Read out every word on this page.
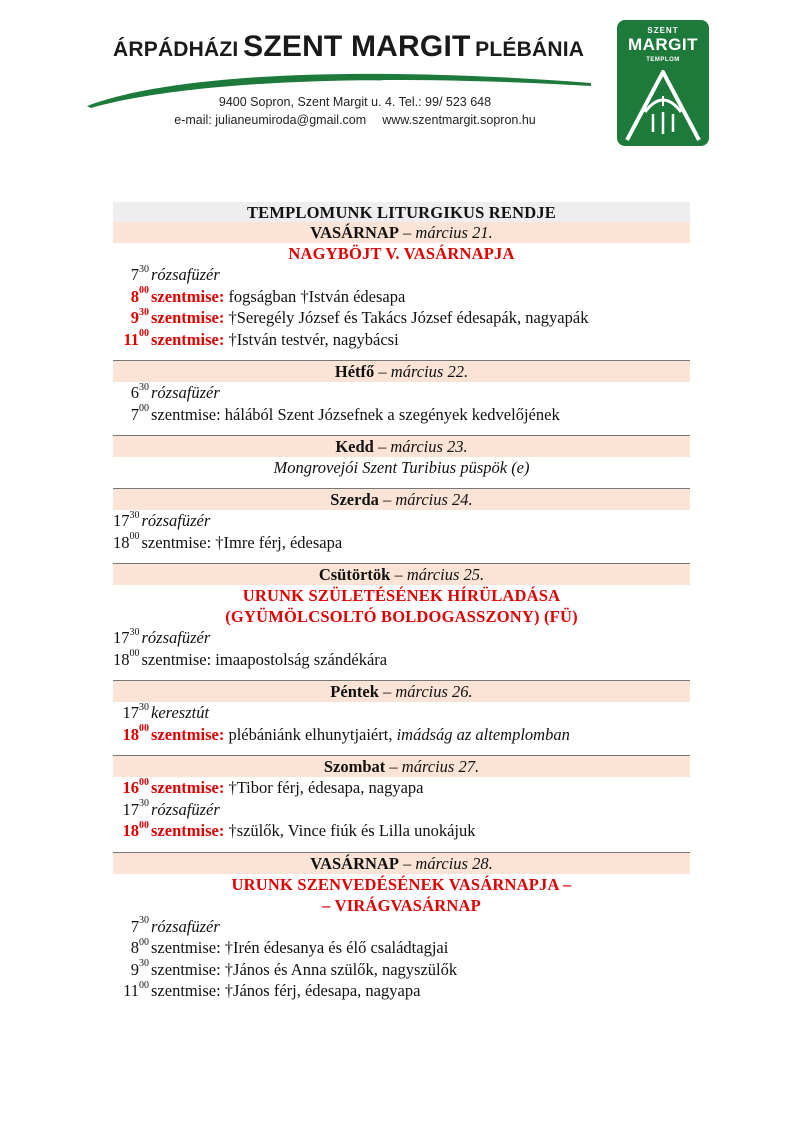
ÁRPÁDHÁZI SZENT MARGIT PLÉBÁNIA
9400 Sopron, Szent Margit u. 4. Tel.: 99/ 523 648
e-mail: julianeumiroda@gmail.com www.szentmargit.sopron.hu
SZENT
MARGIT
TEMPLOM
TEMPLOMUNK LITURGIKUS RENDJE
VASÁRNAP – március 21.
NAGYBÖJT V. VASÁRNAPJA
$7^{30}$ rózsafüzér
$8^{00}$ szentmise: fogságban †István édesapa
$9^{30}$ szentmise: †Seregély József és Takács József édesapák, nagyapák
$11^{00}$ szentmise: †István testvér, nagybácsi
Hétfő – március 22.
$6^{30}$ rózsafüzér
$7^{00}$ szentmise: hálából Szent Józsefnek a szegények kedvelőjének
Kedd – március 23.
Mongrovejói Szent Turibius püspök (e)
Szerda – március 24.
$17^{30}$ rózsafüzér
$18^{00}$ szentmise: †Imre férj, édesapa
Csütörtök – március 25.
URUNK SZÜLETÉSÉNEK HÍRÜLADÁSA
(GYÜMÖLCSOLTÓ BOLDOGASSZONY) (FÜ)
$17^{30}$ rózsafüzér
$18^{00}$ szentmise: imaapostolság szándékára
Péntek – március 26.
$17^{30}$ keresztút
$18^{00}$ szentmise: plébániánk elhunytjaiért, imádság az altemplomban
Szombat – március 27.
$16^{00}$ szentmise: †Tibor férj, édesapa, nagyapa
$17^{30}$ rózsafüzér
$18^{00}$ szentmise: †szülők, Vince fiúk és Lilla unokájuk
VASÁRNAP – március 28.
URUNK SZENVEDÉSÉNEK VASÁRNAPJA –
– VIRÁGVASÁRNAP
$7^{30}$ rózsafüzér
$8^{00}$ szentmise: †Irén édesanya és élő családtagjai
$9^{30}$ szentmise: †János és Anna szülők, nagyszülők
$11^{00}$ szentmise: †János férj, édesapa, nagyapa
